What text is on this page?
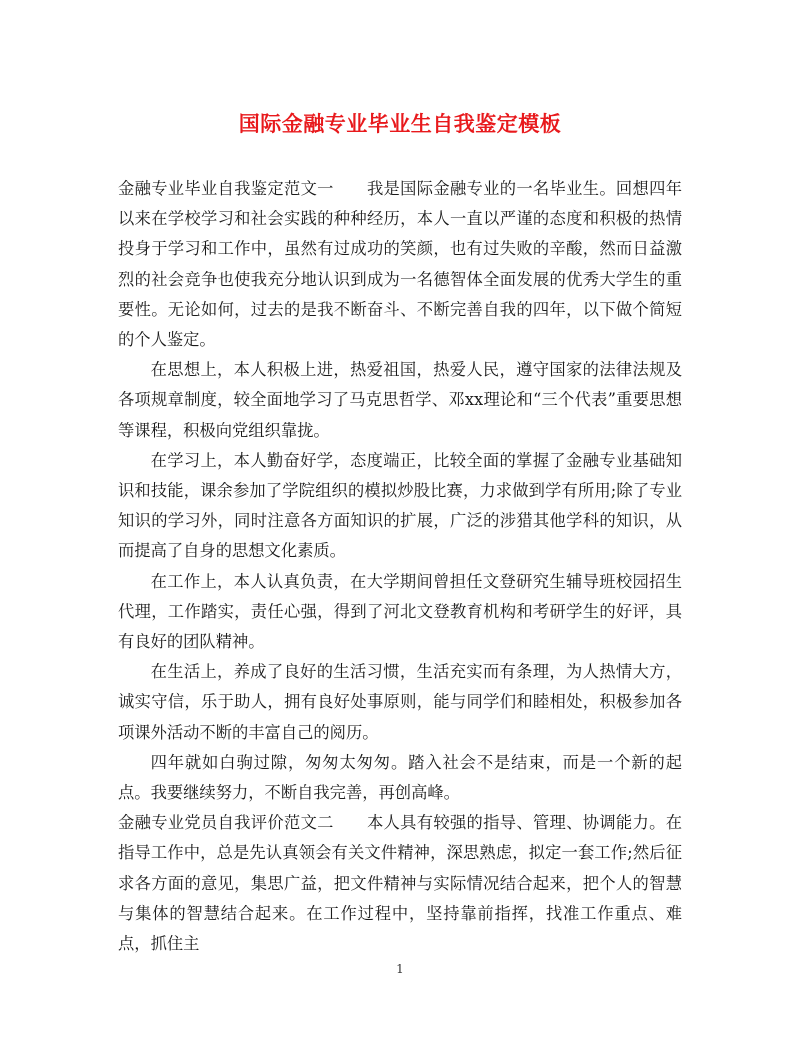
国际金融专业毕业生自我鉴定模板

金融专业毕业自我鉴定范文一　　我是国际金融专业的一名毕业生。回想四年以来在学校学习和社会实践的种种经历，本人一直以严谨的态度和积极的热情投身于学习和工作中，虽然有过成功的笑颜，也有过失败的辛酸，然而日益激烈的社会竞争也使我充分地认识到成为一名德智体全面发展的优秀大学生的重要性。无论如何，过去的是我不断奋斗、不断完善自我的四年，以下做个简短的个人鉴定。

在思想上，本人积极上进，热爱祖国，热爱人民，遵守国家的法律法规及各项规章制度，较全面地学习了马克思哲学、邓xx理论和“三个代表”重要思想等课程，积极向党组织靠拢。

在学习上，本人勤奋好学，态度端正，比较全面的掌握了金融专业基础知识和技能，课余参加了学院组织的模拟炒股比赛，力求做到学有所用;除了专业知识的学习外，同时注意各方面知识的扩展，广泛的涉猎其他学科的知识，从而提高了自身的思想文化素质。

在工作上，本人认真负责，在大学期间曾担任文登研究生辅导班校园招生代理，工作踏实，责任心强，得到了河北文登教育机构和考研学生的好评，具有良好的团队精神。

在生活上，养成了良好的生活习惯，生活充实而有条理，为人热情大方，诚实守信，乐于助人，拥有良好处事原则，能与同学们和睦相处，积极参加各项课外活动不断的丰富自己的阅历。

四年就如白驹过隙，匆匆太匆匆。踏入社会不是结束，而是一个新的起点。我要继续努力，不断自我完善，再创高峰。

金融专业党员自我评价范文二　　本人具有较强的指导、管理、协调能力。在指导工作中，总是先认真领会有关文件精神，深思熟虑，拟定一套工作;然后征求各方面的意见，集思广益，把文件精神与实际情况结合起来，把个人的智慧与集体的智慧结合起来。在工作过程中，坚持靠前指挥，找准工作重点、难点，抓住主

1
